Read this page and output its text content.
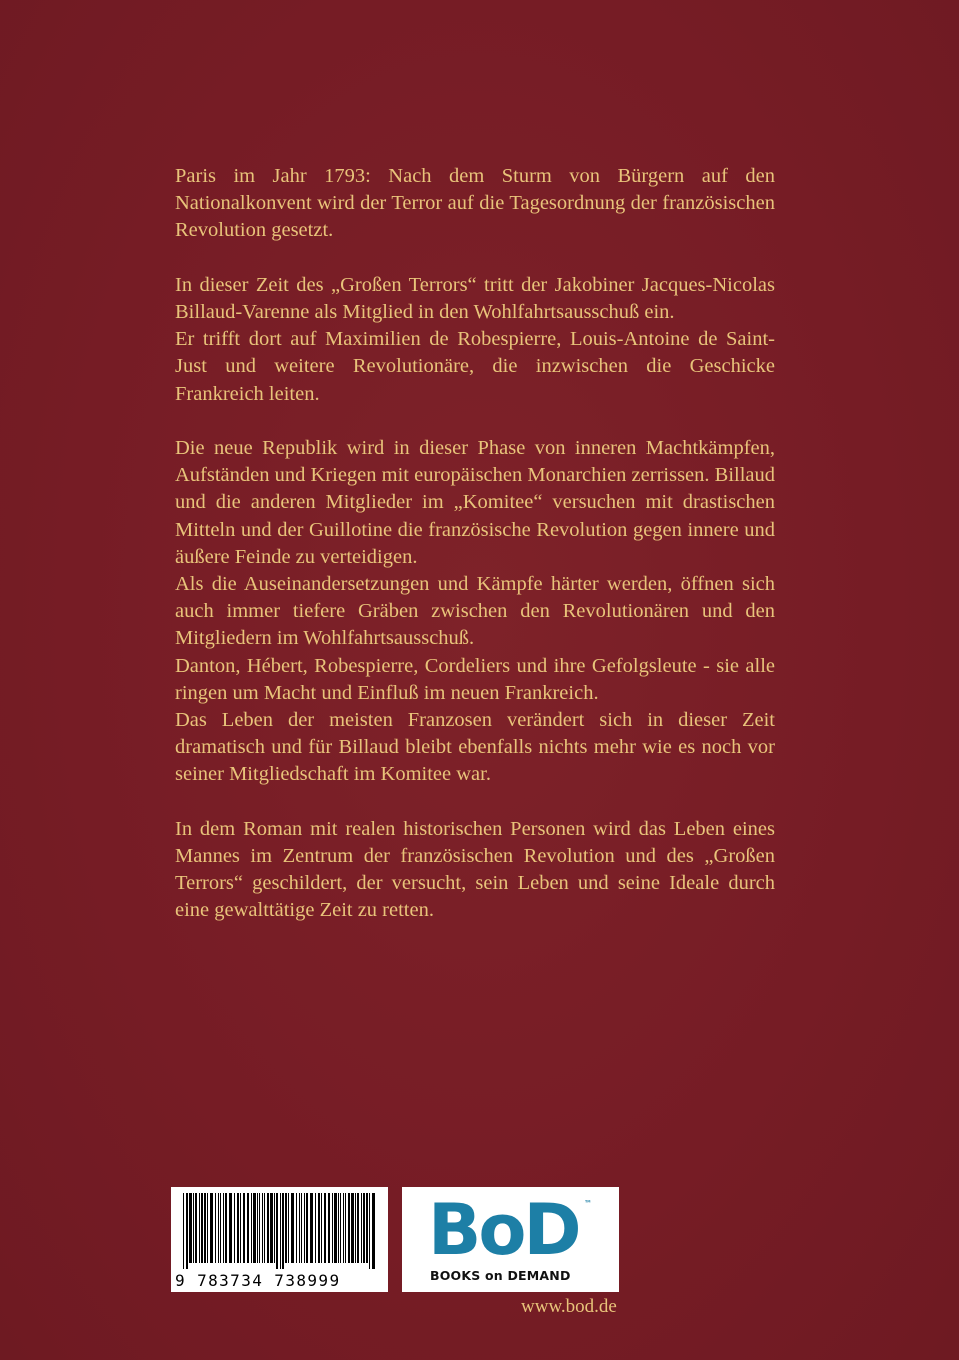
Paris im Jahr 1793: Nach dem Sturm von Bürgern auf den Nationalkonvent wird der Terror auf die Tagesordnung der französischen Revolution gesetzt.

In dieser Zeit des „Großen Terrors“ tritt der Jakobiner Jacques-Nicolas Billaud-Varenne als Mitglied in den Wohlfahrtsausschuß ein.

Er trifft dort auf Maximilien de Robespierre, Louis-Antoine de Saint-Just und weitere Revolutionäre, die inzwischen die Geschicke Frankreich leiten.

Die neue Republik wird in dieser Phase von inneren Machtkämpfen, Aufständen und Kriegen mit europäischen Monarchien zerrissen. Billaud und die anderen Mitglieder im „Komitee“ versuchen mit drastischen Mitteln und der Guillotine die französische Revolution gegen innere und äußere Feinde zu verteidigen.

Als die Auseinandersetzungen und Kämpfe härter werden, öffnen sich auch immer tiefere Gräben zwischen den Revolutionären und den Mitgliedern im Wohlfahrtsausschuß.

Danton, Hébert, Robespierre, Cordeliers und ihre Gefolgsleute - sie alle ringen um Macht und Einfluß im neuen Frankreich.

Das Leben der meisten Franzosen verändert sich in dieser Zeit dramatisch und für Billaud bleibt ebenfalls nichts mehr wie es noch vor seiner Mitgliedschaft im Komitee war.

In dem Roman mit realen historischen Personen wird das Leben eines Mannes im Zentrum der französischen Revolution und des „Großen Terrors“ geschildert, der versucht, sein Leben und seine Ideale durch eine gewalttätige Zeit zu retten.

9 783734 738999
BoD ™
BOOKS on DEMAND
www.bod.de
